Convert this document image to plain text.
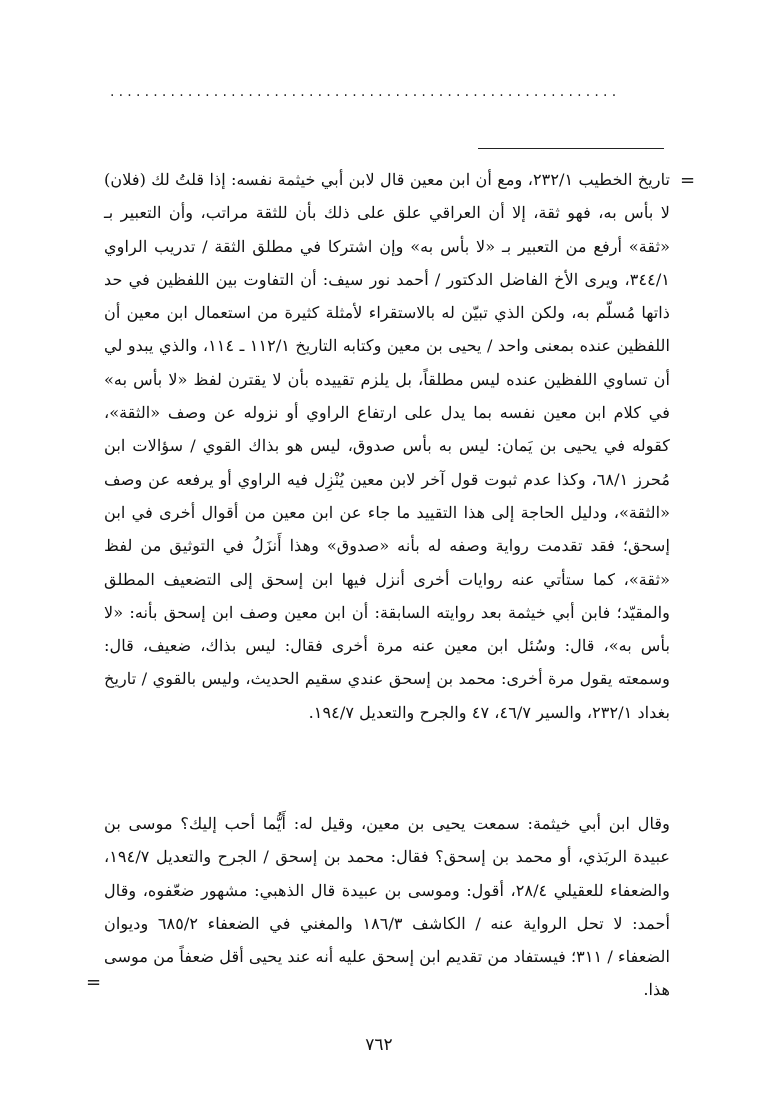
...........................................................
=

تاريخ الخطيب ٢٣٢/١، ومع أن ابن معين قال لابن أبي خيثمة نفسه: إذا قلتُ لك (فلان) لا بأس به، فهو ثقة، إلا أن العراقي علق على ذلك بأن للثقة مراتب، وأن التعبير بـ «ثقة» أرفع من التعبير بـ «لا بأس به» وإن اشتركا في مطلق الثقة / تدريب الراوي ٣٤٤/١، ويرى الأخ الفاضل الدكتور / أحمد نور سيف: أن التفاوت بين اللفظين في حد ذاتها مُسلّم به، ولكن الذي تبيّن له بالاستقراء لأمثلة كثيرة من استعمال ابن معين أن اللفظين عنده بمعنى واحد / يحيى بن معين وكتابه التاريخ ١١٢/١ ـ ١١٤، والذي يبدو لي أن تساوي اللفظين عنده ليس مطلقاً، بل يلزم تقييده بأن لا يقترن لفظ «لا بأس به» في كلام ابن معين نفسه بما يدل على ارتفاع الراوي أو نزوله عن وصف «الثقة»، كقوله في يحيى بن يَمان: ليس به بأس صدوق، ليس هو بذاك القوي / سؤالات ابن مُحرز ٦٨/١، وكذا عدم ثبوت قول آخر لابن معين يُنْزِل فيه الراوي أو يرفعه عن وصف «الثقة»، ودليل الحاجة إلى هذا التقييد ما جاء عن ابن معين من أقوال أخرى في ابن إسحق؛ فقد تقدمت رواية وصفه له بأنه «صدوق» وهذا أَنزَلُ في التوثيق من لفظ «ثقة»، كما ستأتي عنه روايات أخرى أنزل فيها ابن إسحق إلى التضعيف المطلق والمقيّد؛ فابن أبي خيثمة بعد روايته السابقة: أن ابن معين وصف ابن إسحق بأنه: «لا بأس به»، قال: وسُئل ابن معين عنه مرة أخرى فقال: ليس بذاك، ضعيف، قال: وسمعته يقول مرة أخرى: محمد بن إسحق عندي سقيم الحديث، وليس بالقوي / تاريخ بغداد ٢٣٢/١، والسير ٤٦/٧، ٤٧ والجرح والتعديل ١٩٤/٧.

وقال ابن أبي خيثمة: سمعت يحيى بن معين، وقيل له: أَيُّما أحب إليك؟ موسى بن عبيدة الربَذي، أو محمد بن إسحق؟ فقال: محمد بن إسحق / الجرح والتعديل ١٩٤/٧، والضعفاء للعقيلي ٢٨/٤، أقول: وموسى بن عبيدة قال الذهبي: مشهور ضعّفوه، وقال أحمد: لا تحل الرواية عنه / الكاشف ١٨٦/٣ والمغني في الضعفاء ٦٨٥/٢ وديوان الضعفاء / ٣١١؛ فيستفاد من تقديم ابن إسحق عليه أنه عند يحيى أقل ضعفاً من موسى هذا.

=
٧٦٢
